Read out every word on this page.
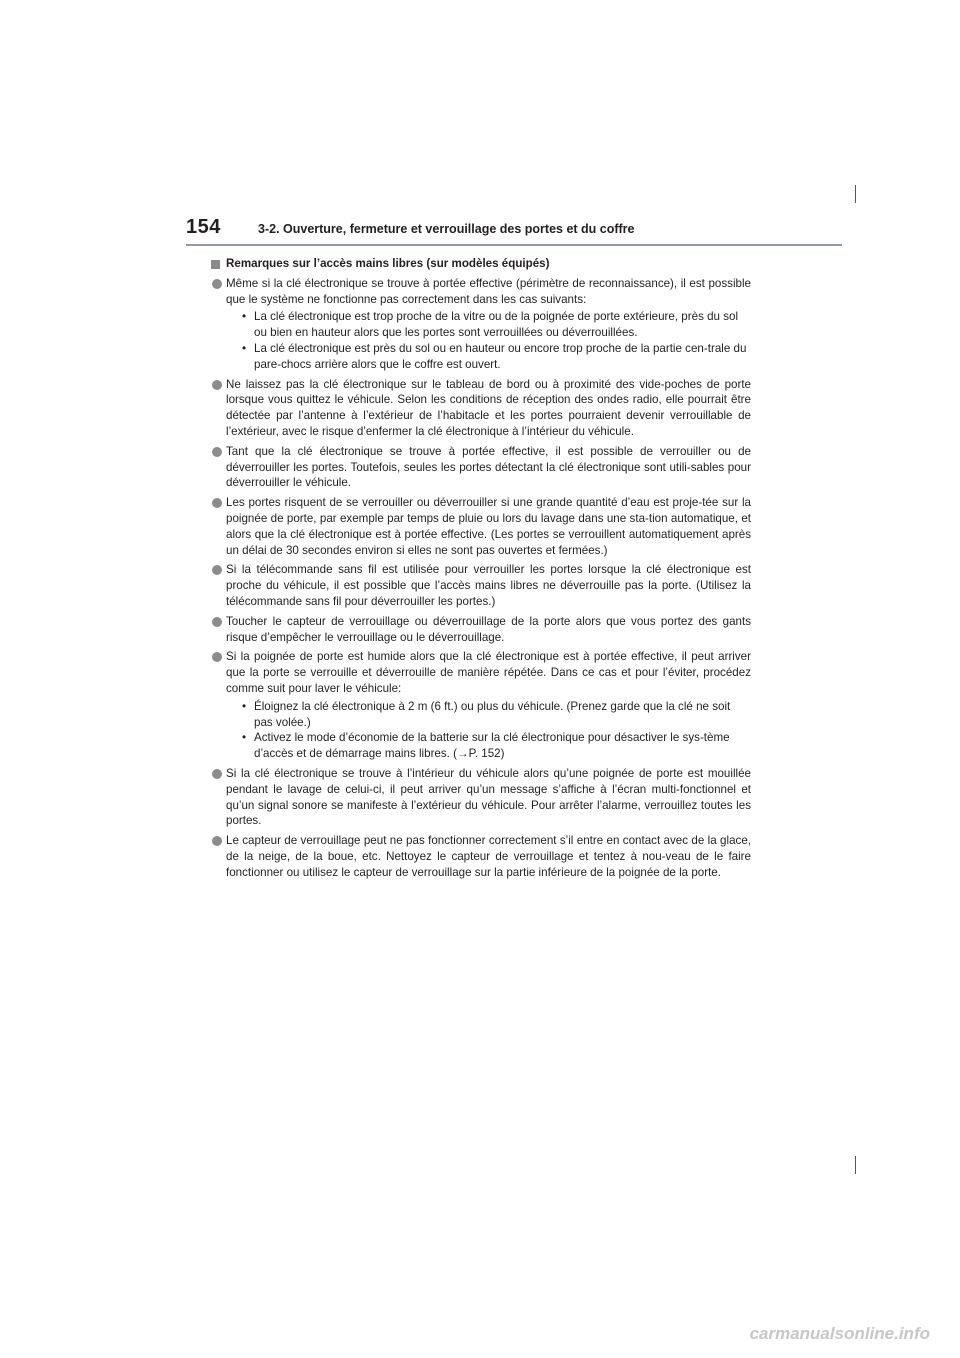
154	3-2. Ouverture, fermeture et verrouillage des portes et du coffre
Remarques sur l’accès mains libres (sur modèles équipés)
Même si la clé électronique se trouve à portée effective (périmètre de reconnaissance), il est possible que le système ne fonctionne pas correctement dans les cas suivants:
• La clé électronique est trop proche de la vitre ou de la poignée de porte extérieure, près du sol ou bien en hauteur alors que les portes sont verrouillées ou déverrouillées.
• La clé électronique est près du sol ou en hauteur ou encore trop proche de la partie cen-trale du pare-chocs arrière alors que le coffre est ouvert.
Ne laissez pas la clé électronique sur le tableau de bord ou à proximité des vide-poches de porte lorsque vous quittez le véhicule. Selon les conditions de réception des ondes radio, elle pourrait être détectée par l’antenne à l’extérieur de l’habitacle et les portes pourraient devenir verrouillable de l’extérieur, avec le risque d’enfermer la clé électronique à l’intérieur du véhicule.
Tant que la clé électronique se trouve à portée effective, il est possible de verrouiller ou de déverrouiller les portes. Toutefois, seules les portes détectant la clé électronique sont utili-sables pour déverrouiller le véhicule.
Les portes risquent de se verrouiller ou déverrouiller si une grande quantité d’eau est proje-tée sur la poignée de porte, par exemple par temps de pluie ou lors du lavage dans une sta-tion automatique, et alors que la clé électronique est à portée effective. (Les portes se verrouillent automatiquement après un délai de 30 secondes environ si elles ne sont pas ouvertes et fermées.)
Si la télécommande sans fil est utilisée pour verrouiller les portes lorsque la clé électronique est proche du véhicule, il est possible que l’accès mains libres ne déverrouille pas la porte. (Utilisez la télécommande sans fil pour déverrouiller les portes.)
Toucher le capteur de verrouillage ou déverrouillage de la porte alors que vous portez des gants risque d’empêcher le verrouillage ou le déverrouillage.
Si la poignée de porte est humide alors que la clé électronique est à portée effective, il peut arriver que la porte se verrouille et déverrouille de manière répétée. Dans ce cas et pour l’éviter, procédez comme suit pour laver le véhicule:
• Éloignez la clé électronique à 2 m (6 ft.) ou plus du véhicule. (Prenez garde que la clé ne soit pas volée.)
• Activez le mode d’économie de la batterie sur la clé électronique pour désactiver le sys-tème d’accès et de démarrage mains libres. (→P. 152)
Si la clé électronique se trouve à l’intérieur du véhicule alors qu’une poignée de porte est mouillée pendant le lavage de celui-ci, il peut arriver qu’un message s’affiche à l’écran multi-fonctionnel et qu’un signal sonore se manifeste à l’extérieur du véhicule. Pour arrêter l’alarme, verrouillez toutes les portes.
Le capteur de verrouillage peut ne pas fonctionner correctement s’il entre en contact avec de la glace, de la neige, de la boue, etc. Nettoyez le capteur de verrouillage et tentez à nou-veau de le faire fonctionner ou utilisez le capteur de verrouillage sur la partie inférieure de la poignée de la porte.
carmanualsonline.info
